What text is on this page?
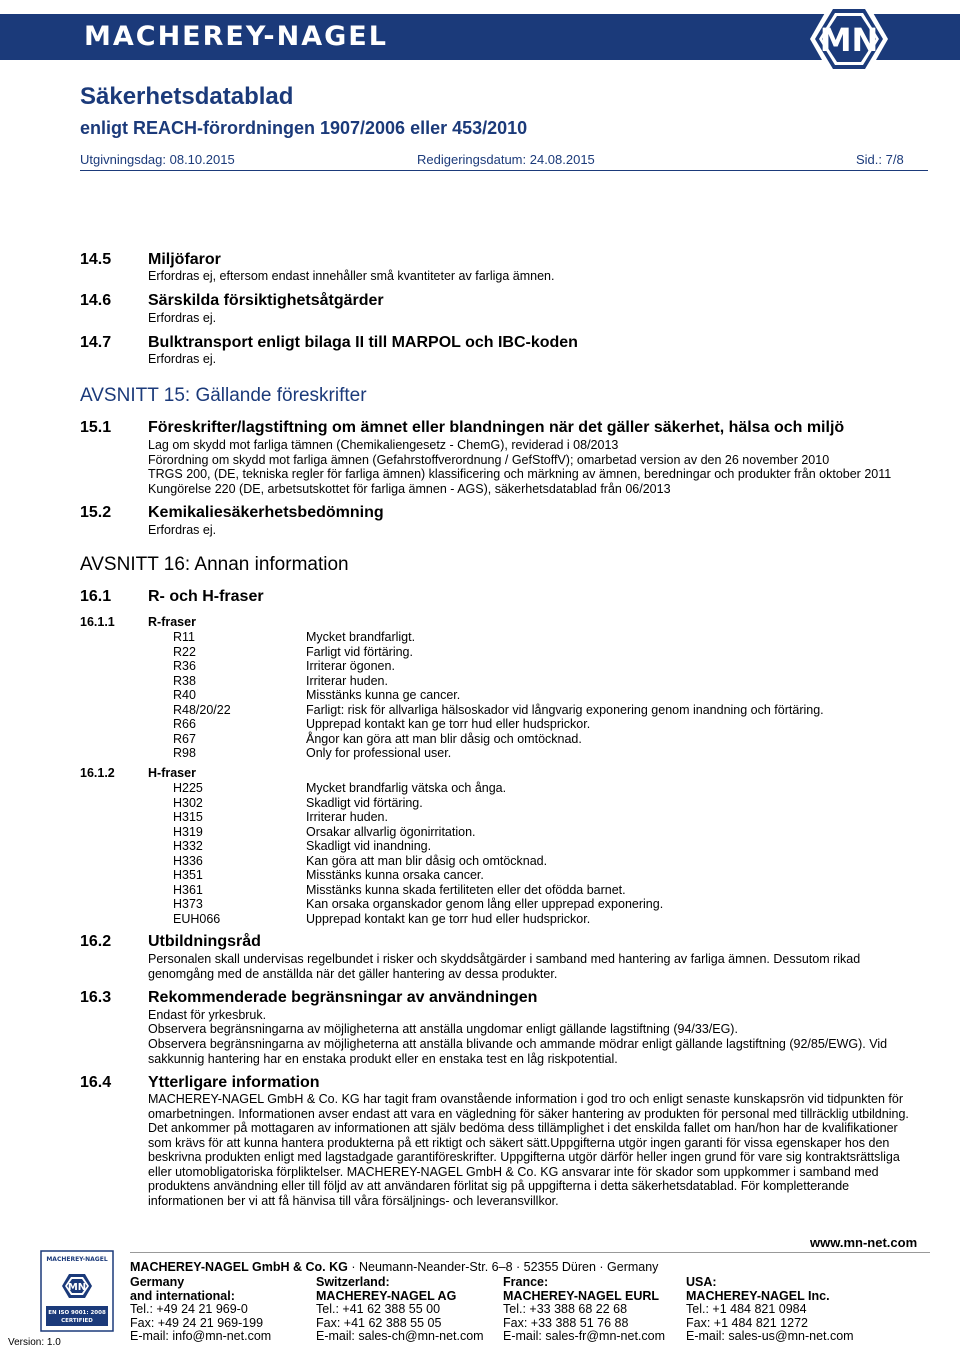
MACHEREY-NAGEL	MN
Säkerhetsdatablad
enligt REACH-förordningen 1907/2006 eller 453/2010
Utgivningsdag: 08.10.2015	Redigeringsdatum: 24.08.2015	Sid.: 7/8
14.5 Miljöfaror
Erfordras ej, eftersom endast innehåller små kvantiteter av farliga ämnen.
14.6 Särskilda försiktighetsåtgärder
Erfordras ej.
14.7 Bulktransport enligt bilaga II till MARPOL och IBC-koden
Erfordras ej.
AVSNITT 15: Gällande föreskrifter
15.1 Föreskrifter/lagstiftning om ämnet eller blandningen när det gäller säkerhet, hälsa och miljö
Lag om skydd mot farliga tämnen (Chemikaliengesetz - ChemG), reviderad i 08/2013
Förordning om skydd mot farliga ämnen (Gefahrstoffverordnung / GefStoffV); omarbetad version av den 26 november 2010
TRGS 200, (DE, tekniska regler för farliga ämnen) klassificering och märkning av ämnen, beredningar och produkter från oktober 2011
Kungörelse 220 (DE, arbetsutskottet för farliga ämnen - AGS), säkerhetsdatablad från 06/2013
15.2 Kemikaliesäkerhetsbedömning
Erfordras ej.
AVSNITT 16: Annan information
16.1 R- och H-fraser
16.1.1	R-fraser
R11	Mycket brandfarligt.
R22	Farligt vid förtäring.
R36	Irriterar ögonen.
R38	Irriterar huden.
R40	Misstänks kunna ge cancer.
R48/20/22	Farligt: risk för allvarliga hälsoskador vid långvarig exponering genom inandning och förtäring.
R66	Upprepad kontakt kan ge torr hud eller hudsprickor.
R67	Ångor kan göra att man blir dåsig och omtöcknad.
R98	Only for professional user.
16.1.2	H-fraser
H225	Mycket brandfarlig vätska och ånga.
H302	Skadligt vid förtäring.
H315	Irriterar huden.
H319	Orsakar allvarlig ögonirritation.
H332	Skadligt vid inandning.
H336	Kan göra att man blir dåsig och omtöcknad.
H351	Misstänks kunna orsaka cancer.
H361	Misstänks kunna skada fertiliteten eller det ofödda barnet.
H373	Kan orsaka organskador genom lång eller upprepad exponering.
EUH066	Upprepad kontakt kan ge torr hud eller hudsprickor.
16.2 Utbildningsråd
Personalen skall undervisas regelbundet i risker och skyddsåtgärder i samband med hantering av farliga ämnen. Dessutom rikad genomgång med de anställda när det gäller hantering av dessa produkter.
16.3 Rekommenderade begränsningar av användningen
Endast för yrkesbruk.
Observera begränsningarna av möjligheterna att anställa ungdomar enligt gällande lagstiftning (94/33/EG).
Observera begränsningarna av möjligheterna att anställa blivande och ammande mödrar enligt gällande lagstiftning (92/85/EWG). Vid sakkunnig hantering har en enstaka produkt eller en enstaka test en låg riskpotential.
16.4 Ytterligare information
MACHEREY-NAGEL GmbH & Co. KG har tagit fram ovanstående information i god tro och enligt senaste kunskapsrön vid tidpunkten för omarbetningen. Informationen avser endast att vara en vägledning för säker hantering av produkten för personal med tillräcklig utbildning. Det ankommer på mottagaren av informationen att själv bedöma dess tillämplighet i det enskilda fallet om han/hon har de kvalifikationer som krävs för att kunna hantera produkterna på ett riktigt och säkert sätt.Uppgifterna utgör ingen garanti för vissa egenskaper hos den beskrivna produkten enligt med lagstadgade garantiföreskrifter. Uppgifterna utgör därför heller ingen grund för vare sig kontraktsrättsliga eller utomobligatoriska förpliktelser. MACHEREY-NAGEL GmbH & Co. KG ansvarar inte för skador som uppkommer i samband med produktens användning eller till följd av att användaren förlitat sig på uppgifterna i detta säkerhetsdatablad. För kompletterande informationen ber vi att få hänvisa till våra försäljnings- och leveransvillkor.
www.mn-net.com
MACHEREY-NAGEL GmbH & Co. KG · Neumann-Neander-Str. 6–8 · 52355 Düren · Germany
MACHEREY-NAGEL
MN
EN ISO 9001: 2008
CERTIFIED
Version: 1.0
Germany
and international:
Tel.: +49 24 21 969-0
Fax: +49 24 21 969-199
E-mail: info@mn-net.com
Switzerland:
MACHEREY-NAGEL AG
Tel.: +41 62 388 55 00
Fax: +41 62 388 55 05
E-mail: sales-ch@mn-net.com
France:
MACHEREY-NAGEL EURL
Tel.: +33 388 68 22 68
Fax: +33 388 51 76 88
E-mail: sales-fr@mn-net.com
USA:
MACHEREY-NAGEL Inc.
Tel.: +1 484 821 0984
Fax: +1 484 821 1272
E-mail: sales-us@mn-net.com
